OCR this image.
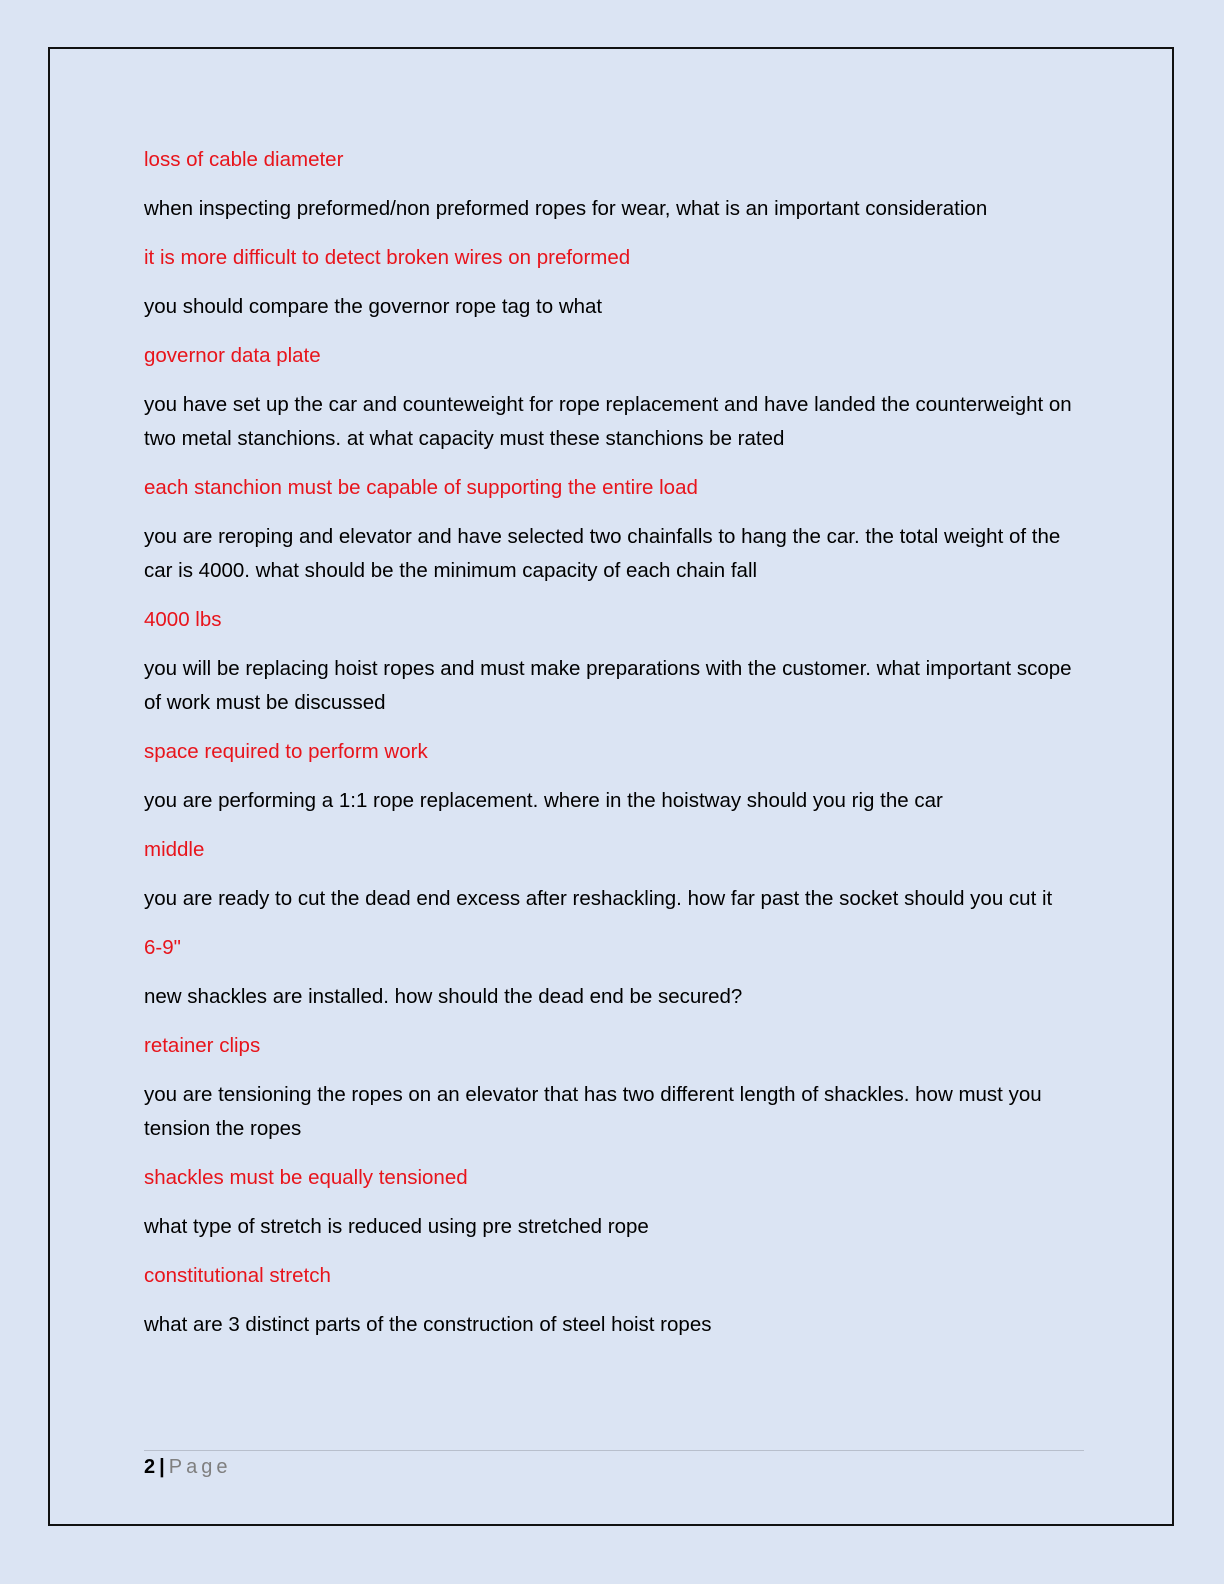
loss of cable diameter

when inspecting preformed/non preformed ropes for wear, what is an important consideration

it is more difficult to detect broken wires on preformed

you should compare the governor rope tag to what

governor data plate

you have set up the car and counteweight for rope replacement and have landed the counterweight on two metal stanchions. at what capacity must these stanchions be rated

each stanchion must be capable of supporting the entire load

you are reroping and elevator and have selected two chainfalls to hang the car. the total weight of the car is 4000. what should be the minimum capacity of each chain fall

4000 lbs

you will be replacing hoist ropes and must make preparations with the customer. what important scope of work must be discussed

space required to perform work

you are performing a 1:1 rope replacement. where in the hoistway should you rig the car

middle

you are ready to cut the dead end excess after reshackling. how far past the socket should you cut it

6-9"

new shackles are installed. how should the dead end be secured?

retainer clips

you are tensioning the ropes on an elevator that has two different length of shackles. how must you tension the ropes

shackles must be equally tensioned

what type of stretch is reduced using pre stretched rope

constitutional stretch

what are 3 distinct parts of the construction of steel hoist ropes

2 | Page
